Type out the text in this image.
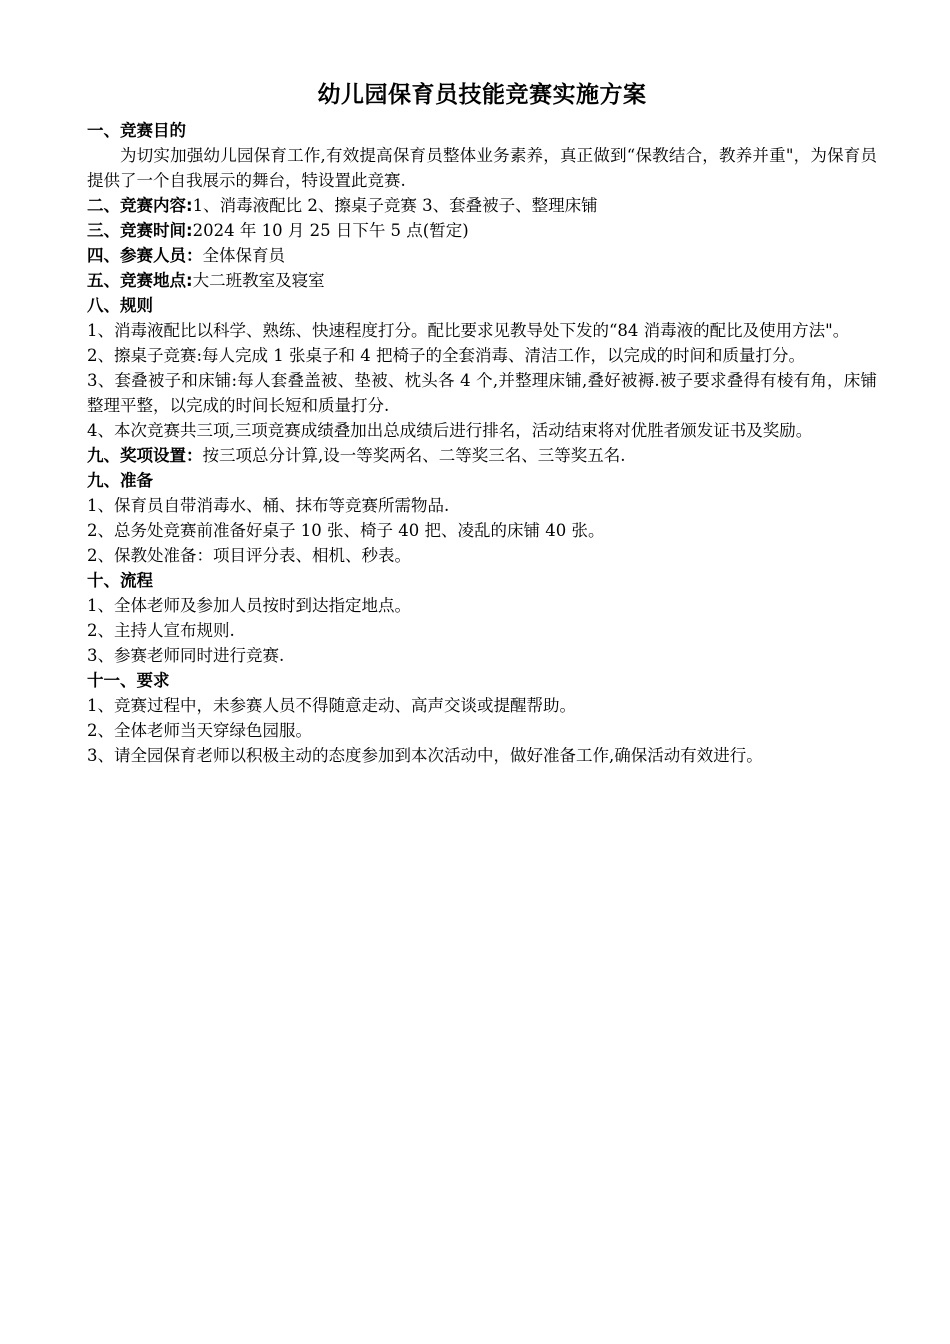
幼儿园保育员技能竞赛实施方案

一、竞赛目的

为切实加强幼儿园保育工作,有效提高保育员整体业务素养，真正做到“保教结合，教养并重"，为保育员提供了一个自我展示的舞台，特设置此竞赛.

二、竞赛内容:1、消毒液配比 2、擦桌子竞赛 3、套叠被子、整理床铺

三、竞赛时间:2024 年 10 月 25 日下午 5 点(暂定)

四、参赛人员：全体保育员

五、竞赛地点:大二班教室及寝室

八、规则

1、消毒液配比以科学、熟练、快速程度打分。配比要求见教导处下发的“84 消毒液的配比及使用方法"。

2、擦桌子竞赛:每人完成 1 张桌子和 4 把椅子的全套消毒、清洁工作，以完成的时间和质量打分。

3、套叠被子和床铺:每人套叠盖被、垫被、枕头各 4 个,并整理床铺,叠好被褥.被子要求叠得有棱有角，床铺整理平整，以完成的时间长短和质量打分.

4、本次竞赛共三项,三项竞赛成绩叠加出总成绩后进行排名，活动结束将对优胜者颁发证书及奖励。

九、奖项设置：按三项总分计算,设一等奖两名、二等奖三名、三等奖五名.

九、准备

1、保育员自带消毒水、桶、抹布等竞赛所需物品.

2、总务处竞赛前准备好桌子 10 张、椅子 40 把、凌乱的床铺 40 张。

2、保教处准备：项目评分表、相机、秒表。

十、流程

1、全体老师及参加人员按时到达指定地点。

2、主持人宣布规则.

3、参赛老师同时进行竞赛.

十一、要求

1、竞赛过程中，未参赛人员不得随意走动、高声交谈或提醒帮助。

2、全体老师当天穿绿色园服。

3、请全园保育老师以积极主动的态度参加到本次活动中，做好准备工作,确保活动有效进行。
